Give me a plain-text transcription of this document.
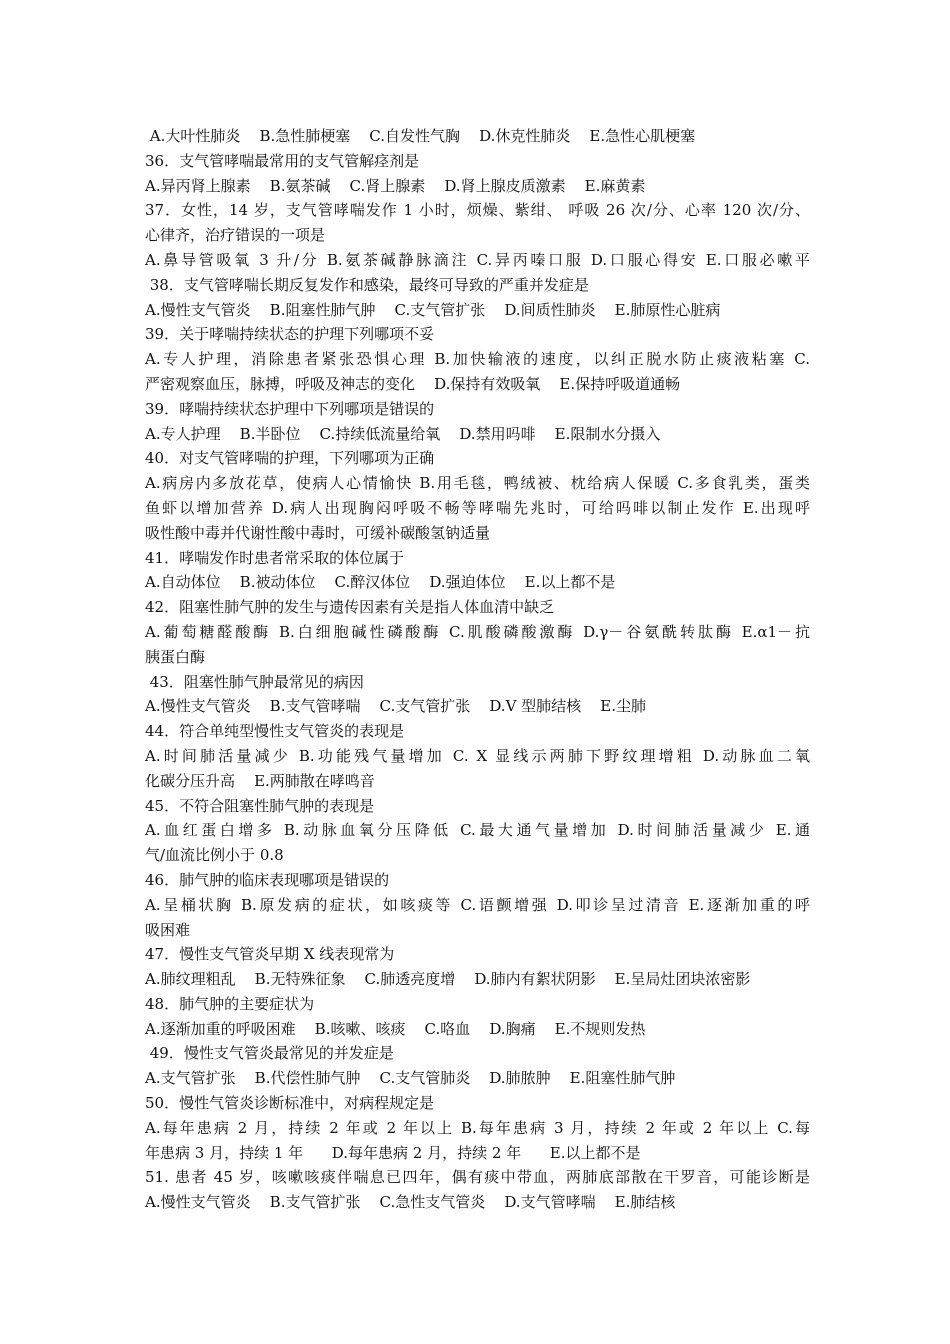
A.大叶性肺炎    B.急性肺梗塞    C.自发性气胸    D.休克性肺炎    E.急性心肌梗塞
36．支气管哮喘最常用的支气管解痉剂是
A.异丙肾上腺素    B.氨茶碱    C.肾上腺素    D.肾上腺皮质激素    E.麻黄素
37．女性，14 岁，支气管哮喘发作 1 小时，烦燥、紫绀、 呼吸 26 次/分、心率 120 次/分、
心律齐，治疗错误的一项是
A.鼻导管吸氧 3 升/分 B.氨茶碱静脉滴注 C.异丙嗪口服 D.口服心得安 E.口服必嗽平
38．支气管哮喘长期反复发作和感染，最终可导致的严重并发症是
A.慢性支气管炎    B.阻塞性肺气肿    C.支气管扩张    D.间质性肺炎    E.肺原性心脏病
39．关于哮喘持续状态的护理下列哪项不妥
A.专人护理，消除患者紧张恐惧心理 B.加快输液的速度，以纠正脱水防止痰液粘塞 C.
严密观察血压，脉搏，呼吸及神志的变化    D.保持有效吸氧    E.保持呼吸道通畅
39．哮喘持续状态护理中下列哪项是错误的
A.专人护理    B.半卧位    C.持续低流量给氧    D.禁用吗啡    E.限制水分摄入
40．对支气管哮喘的护理，下列哪项为正确
A.病房内多放花草，使病人心情愉快 B.用毛毯，鸭绒被、枕给病人保暖 C.多食乳类，蛋类
鱼虾以增加营养 D.病人出现胸闷呼吸不畅等哮喘先兆时，可给吗啡以制止发作 E.出现呼
吸性酸中毒并代谢性酸中毒时，可缓补碳酸氢钠适量
41．哮喘发作时患者常采取的体位属于
A.自动体位    B.被动体位    C.醉汉体位    D.强迫体位    E.以上都不是
42．阻塞性肺气肿的发生与遗传因素有关是指人体血清中缺乏
A.葡萄糖醛酸酶 B.白细胞碱性磷酸酶 C.肌酸磷酸激酶 D.γ－谷氨酰转肽酶 E.α1－抗
胰蛋白酶
43．阻塞性肺气肿最常见的病因
A.慢性支气管炎    B.支气管哮喘    C.支气管扩张    D.Ⅴ 型肺结核    E.尘肺
44．符合单纯型慢性支气管炎的表现是
A.时间肺活量减少 B.功能残气量增加 C. X 显线示两肺下野纹理增粗 D.动脉血二氧
化碳分压升高    E.两肺散在哮鸣音
45．不符合阻塞性肺气肿的表现是
A.血红蛋白增多 B.动脉血氧分压降低 C.最大通气量增加 D.时间肺活量减少 E.通
气/血流比例小于 0.8
46．肺气肿的临床表现哪项是错误的
A.呈桶状胸 B.原发病的症状，如咳痰等 C.语颤增强 D.叩诊呈过清音 E.逐渐加重的呼
吸困难
47．慢性支气管炎早期 X 线表现常为
A.肺纹理粗乱    B.无特殊征象    C.肺透亮度增    D.肺内有絮状阴影    E.呈局灶团块浓密影
48．肺气肿的主要症状为
A.逐渐加重的呼吸困难    B.咳嗽、咳痰    C.咯血    D.胸痛    E.不规则发热
49．慢性支气管炎最常见的并发症是
A.支气管扩张    B.代偿性肺气肿    C.支气管肺炎    D.肺脓肿    E.阻塞性肺气肿
50．慢性气管炎诊断标准中，对病程规定是
A.每年患病 2 月，持续 2 年或 2 年以上 B.每年患病 3 月，持续 2 年或 2 年以上 C.每
年患病 3 月，持续 1 年      D.每年患病 2 月，持续 2 年      E.以上都不是
51. 患者 45 岁，咳嗽咳痰伴喘息已四年，偶有痰中带血，两肺底部散在干罗音，可能诊断是
A.慢性支气管炎    B.支气管扩张    C.急性支气管炎    D.支气管哮喘    E.肺结核
